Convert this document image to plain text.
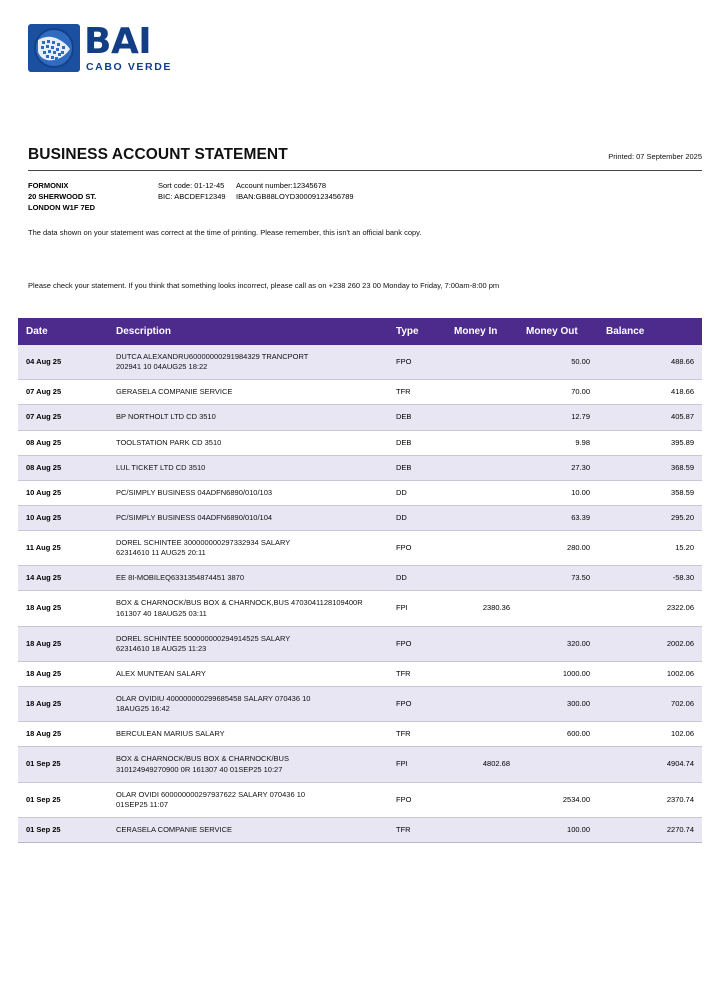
BAI
CABO VERDE
BUSINESS ACCOUNT STATEMENT	Printed: 07 September 2025
FORMONIX
20 SHERWOOD ST.
LONDON W1F 7ED
Sort code: 01-12-45 Account number:12345678
BIC: ABCDEF12349 IBAN:GB88LOYD30009123456789
The data shown on your statement was correct at the time of printing. Please remember, this isn't an official bank copy.
Please check your statement. If you think that something looks incorrect, please call as on +238 260 23 00 Monday to Friday, 7:00am-8:00 pm
Date	Description	Type	Money In	Money Out	Balance
04 Aug 25	DUTCA ALEXANDRU60000000291984329 TRANCPORT
202941 10 04AUG25 18:22	FPO		50.00	488.66
07 Aug 25	GERASELA COMPANIE SERVICE	TFR		70.00	418.66
07 Aug 25	BP NORTHOLT LTD CD 3510	DEB		12.79	405.87
08 Aug 25	TOOLSTATION PARK CD 3510	DEB		9.98	395.89
08 Aug 25	LUL TICKET LTD CD 3510	DEB		27.30	368.59
10 Aug 25	PC/SIMPLY BUSINESS 04ADFN6890/010/103	DD		10.00	358.59
10 Aug 25	PC/SIMPLY BUSINESS 04ADFN6890/010/104	DD		63.39	295.20
11 Aug 25	DOREL SCHINTEE 300000000297332934 SALARY
62314610 11 AUG25 20:11	FPO		280.00	15.20
14 Aug 25	EE 8I-MOBILEQ6331354874451 3870	DD		73.50	-58.30
18 Aug 25	BOX & CHARNOCK/BUS BOX & CHARNOCK,BUS 4703041128109400R
161307 40 18AUG25 03:11	FPI	2380.36		2322.06
18 Aug 25	DOREL SCHINTEE 500000000294914525 SALARY
62314610 18 AUG25 11:23	FPO		320.00	2002.06
18 Aug 25	ALEX MUNTEAN SALARY	TFR		1000.00	1002.06
18 Aug 25	OLAR OVIDIU 400000000299685458 SALARY 070436 10
18AUG25 16:42	FPO		300.00	702.06
18 Aug 25	BERCULEAN MARIUS SALARY	TFR		600.00	102.06
01 Sep 25	BOX & CHARNOCK/BUS BOX & CHARNOCK/BUS
310124949270900 0R 161307 40 01SEP25 10:27	FPI	4802.68		4904.74
01 Sep 25	OLAR OVIDI 600000000297937622 SALARY 070436 10
01SEP25 11:07	FPO		2534.00	2370.74
01 Sep 25	CERASELA COMPANIE SERVICE	TFR		100.00	2270.74
